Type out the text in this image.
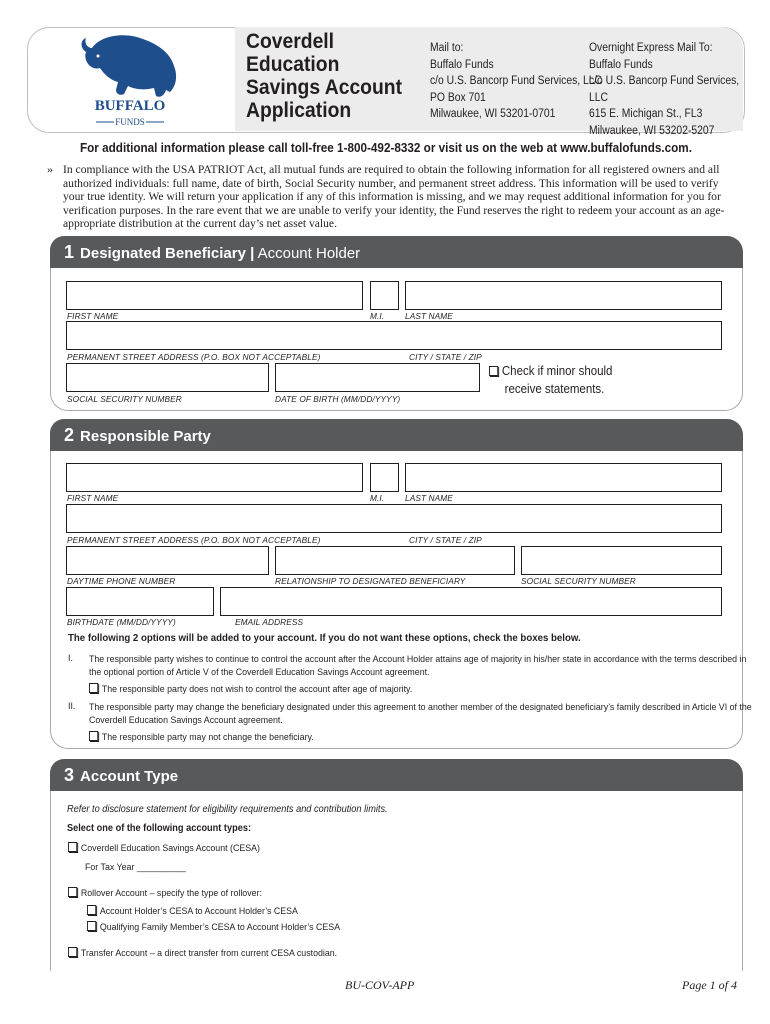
BUFFALO
FUNDS
Coverdell
Education
Savings Account
Application
Mail to:
Buffalo Funds
c/o U.S. Bancorp Fund Services, LLC
PO Box 701
Milwaukee, WI 53201-0701
Overnight Express Mail To:
Buffalo Funds
c/o U.S. Bancorp Fund Services, LLC
615 E. Michigan St., FL3
Milwaukee, WI 53202-5207
For additional information please call toll-free 1-800-492-8332 or visit us on the web at www.buffalofunds.com.
» In compliance with the USA PATRIOT Act, all mutual funds are required to obtain the following information for all registered owners and all authorized individuals: full name, date of birth, Social Security number, and permanent street address. This information will be used to verify your true identity. We will return your application if any of this information is missing, and we may request additional information for you for verification purposes. In the rare event that we are unable to verify your identity, the Fund reserves the right to redeem your account as an age-appropriate distribution at the current day’s net asset value.
1 Designated Beneficiary | Account Holder
FIRST NAME	M.I.	LAST NAME
PERMANENT STREET ADDRESS (P.O. BOX NOT ACCEPTABLE)	CITY / STATE / ZIP
SOCIAL SECURITY NUMBER	DATE OF BIRTH (MM/DD/YYYY)
Check if minor should
receive statements.
2 Responsible Party
FIRST NAME	M.I.	LAST NAME
PERMANENT STREET ADDRESS (P.O. BOX NOT ACCEPTABLE)	CITY / STATE / ZIP
DAYTIME PHONE NUMBER	RELATIONSHIP TO DESIGNATED BENEFICIARY	SOCIAL SECURITY NUMBER
BIRTHDATE (MM/DD/YYYY)	EMAIL ADDRESS
The following 2 options will be added to your account. If you do not want these options, check the boxes below.
I. The responsible party wishes to continue to control the account after the Account Holder attains age of majority in his/her state in accordance with the terms described in
the optional portion of Article V of the Coverdell Education Savings Account agreement.
The responsible party does not wish to control the account after age of majority.
II. The responsible party may change the beneficiary designated under this agreement to another member of the designated beneficiary’s family described in Article VI of the
Coverdell Education Savings Account agreement.
The responsible party may not change the beneficiary.
3 Account Type
Refer to disclosure statement for eligibility requirements and contribution limits.
Select one of the following account types:
Coverdell Education Savings Account (CESA)
For Tax Year __________
Rollover Account – specify the type of rollover:
Account Holder’s CESA to Account Holder’s CESA
Qualifying Family Member’s CESA to Account Holder’s CESA
Transfer Account – a direct transfer from current CESA custodian.
BU-COV-APP	Page 1 of 4
